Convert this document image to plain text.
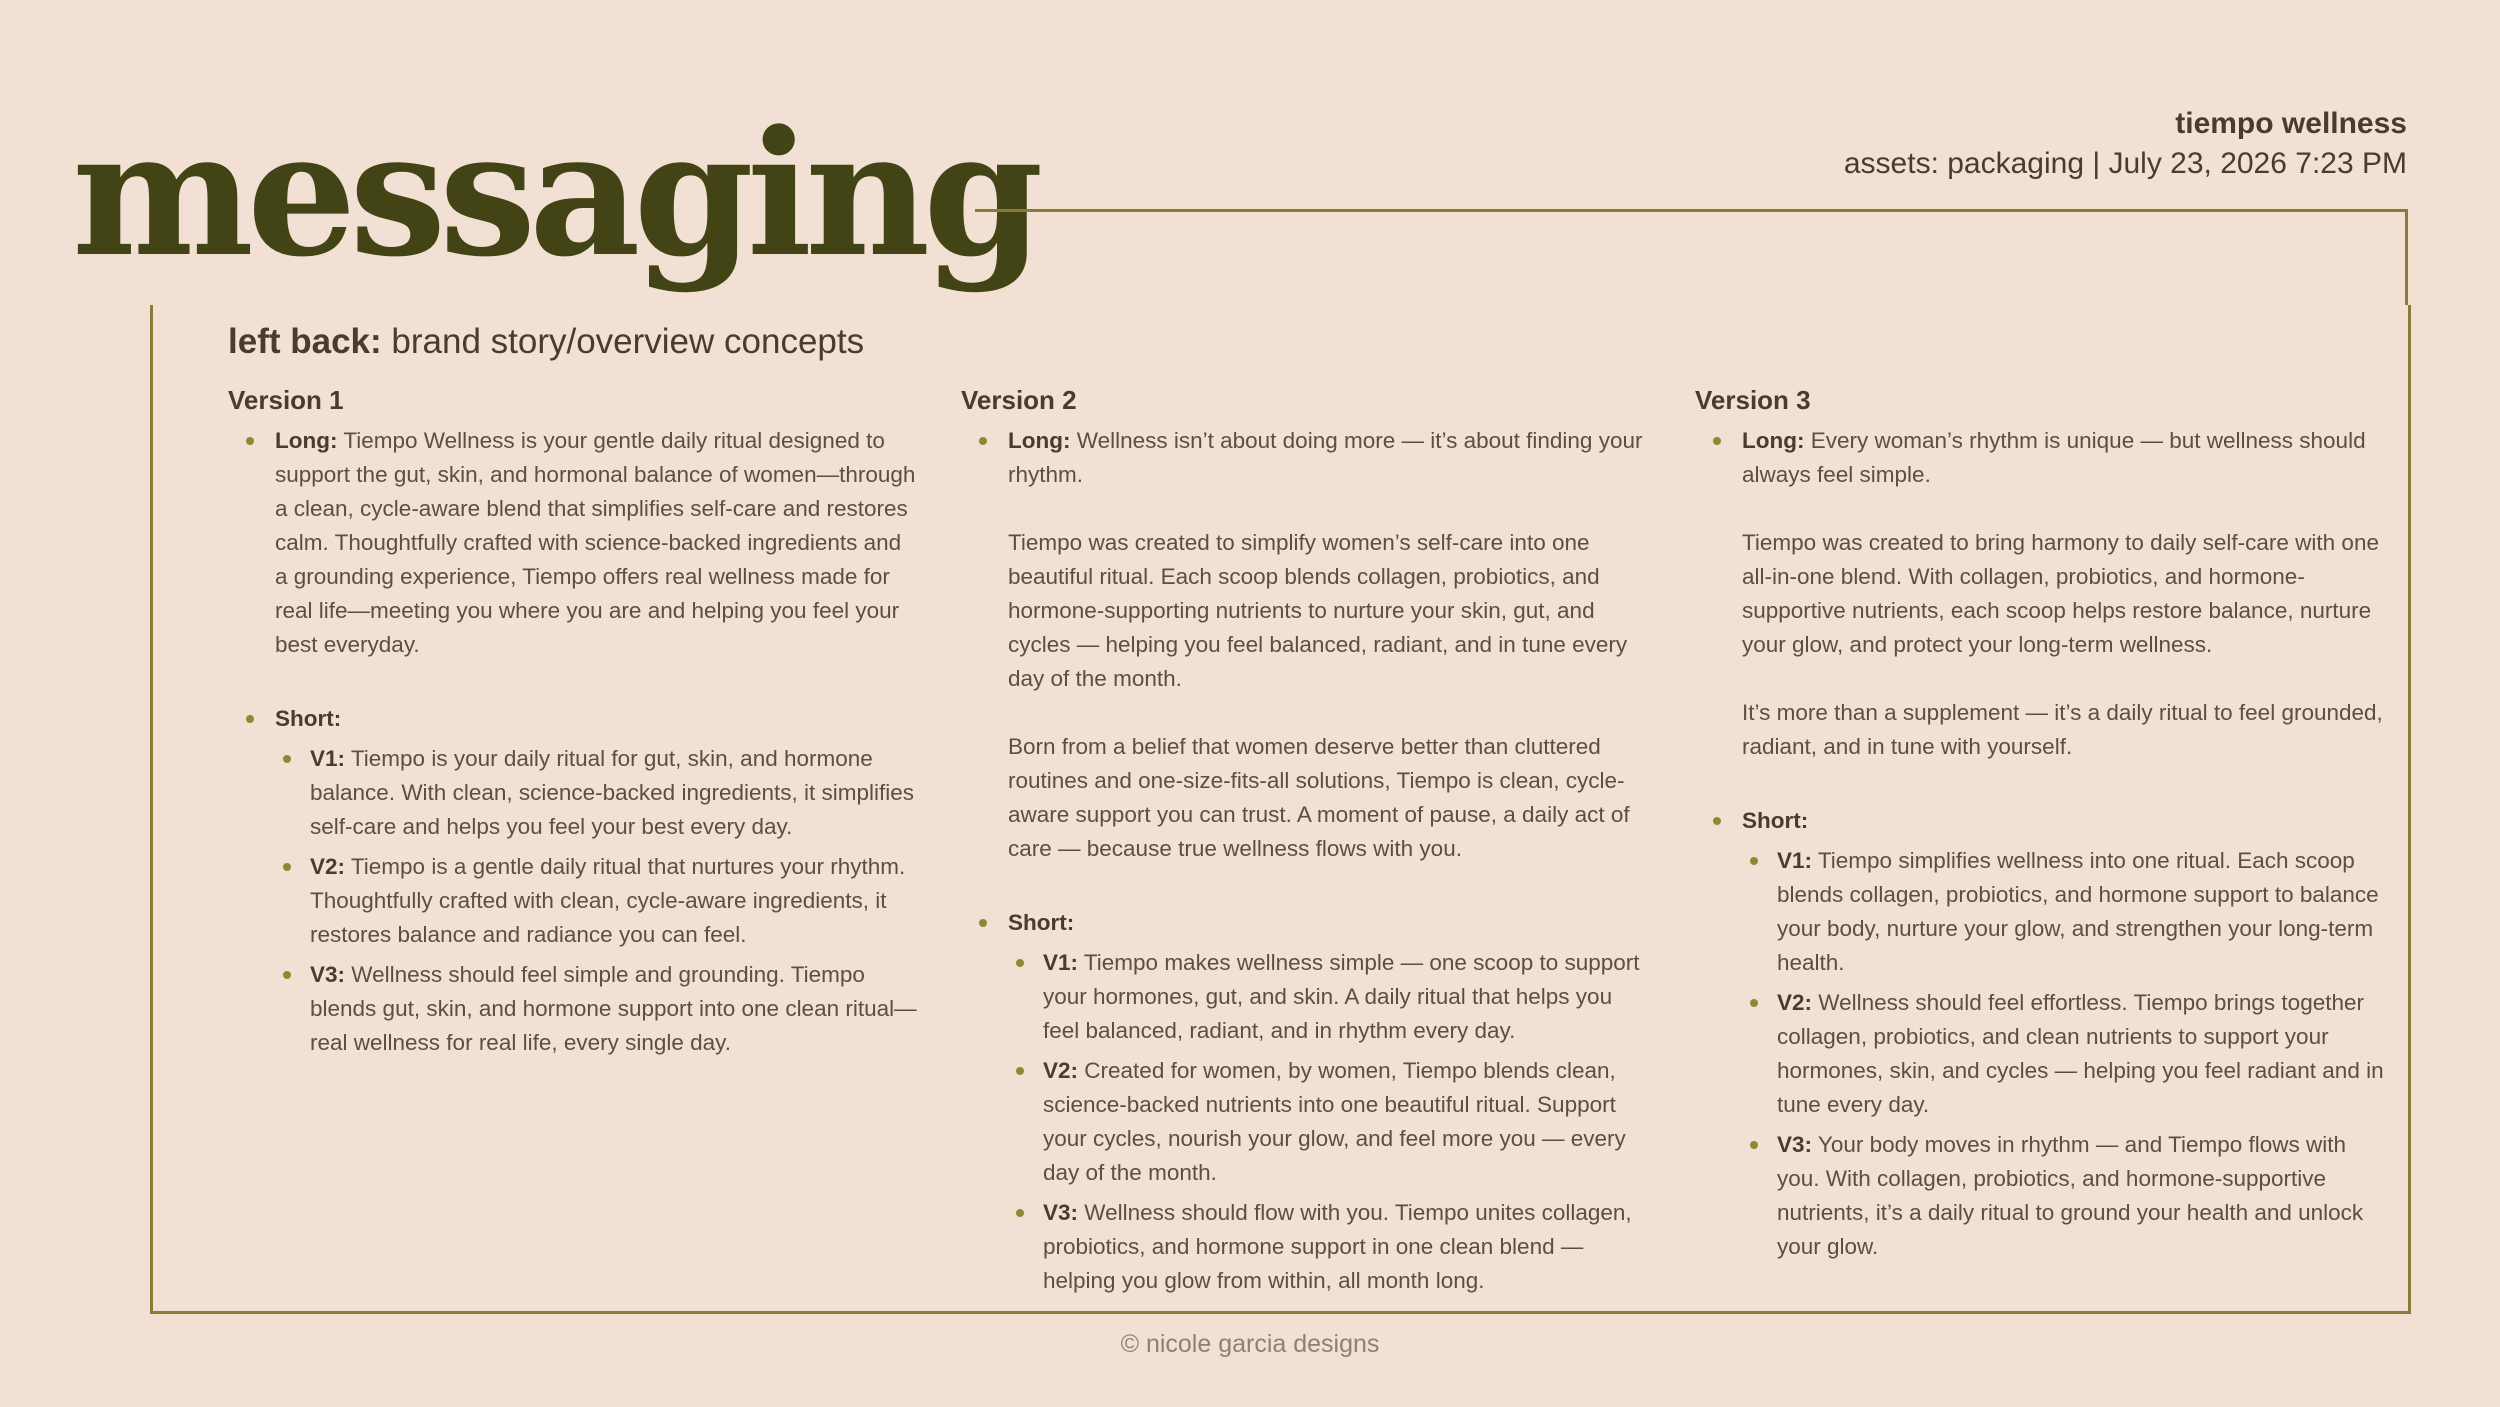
messaging	tiempo wellness
assets: packaging | July 23, 2026 7:23 PM
left back: brand story/overview concepts
Version 1

Long: Tiempo Wellness is your gentle daily ritual designed to support the gut, skin, and hormonal balance of women—through a clean, cycle-aware blend that simplifies self-care and restores calm. Thoughtfully crafted with science-backed ingredients and a grounding experience, Tiempo offers real wellness made for real life—meeting you where you are and helping you feel your best everyday.

Short:
V1: Tiempo is your daily ritual for gut, skin, and hormone balance. With clean, science-backed ingredients, it simplifies self-care and helps you feel your best every day.
V2: Tiempo is a gentle daily ritual that nurtures your rhythm. Thoughtfully crafted with clean, cycle-aware ingredients, it restores balance and radiance you can feel.
V3: Wellness should feel simple and grounding. Tiempo blends gut, skin, and hormone support into one clean ritual—real wellness for real life, every single day.
Version 2

Long: Wellness isn’t about doing more — it’s about finding your rhythm.

Tiempo was created to simplify women’s self-care into one beautiful ritual. Each scoop blends collagen, probiotics, and hormone-supporting nutrients to nurture your skin, gut, and cycles — helping you feel balanced, radiant, and in tune every day of the month.

Born from a belief that women deserve better than cluttered routines and one-size-fits-all solutions, Tiempo is clean, cycle-aware support you can trust. A moment of pause, a daily act of care — because true wellness flows with you.

Short:
V1: Tiempo makes wellness simple — one scoop to support your hormones, gut, and skin. A daily ritual that helps you feel balanced, radiant, and in rhythm every day.
V2: Created for women, by women, Tiempo blends clean, science-backed nutrients into one beautiful ritual. Support your cycles, nourish your glow, and feel more you — every day of the month.
V3: Wellness should flow with you. Tiempo unites collagen, probiotics, and hormone support in one clean blend — helping you glow from within, all month long.
Version 3

Long: Every woman’s rhythm is unique — but wellness should always feel simple.

Tiempo was created to bring harmony to daily self-care with one all-in-one blend. With collagen, probiotics, and hormone-supportive nutrients, each scoop helps restore balance, nurture your glow, and protect your long-term wellness.

It’s more than a supplement — it’s a daily ritual to feel grounded, radiant, and in tune with yourself.

Short:
V1: Tiempo simplifies wellness into one ritual. Each scoop blends collagen, probiotics, and hormone support to balance your body, nurture your glow, and strengthen your long-term health.
V2: Wellness should feel effortless. Tiempo brings together collagen, probiotics, and clean nutrients to support your hormones, skin, and cycles — helping you feel radiant and in tune every day.
V3: Your body moves in rhythm — and Tiempo flows with you. With collagen, probiotics, and hormone-supportive nutrients, it’s a daily ritual to ground your health and unlock your glow.
© nicole garcia designs
